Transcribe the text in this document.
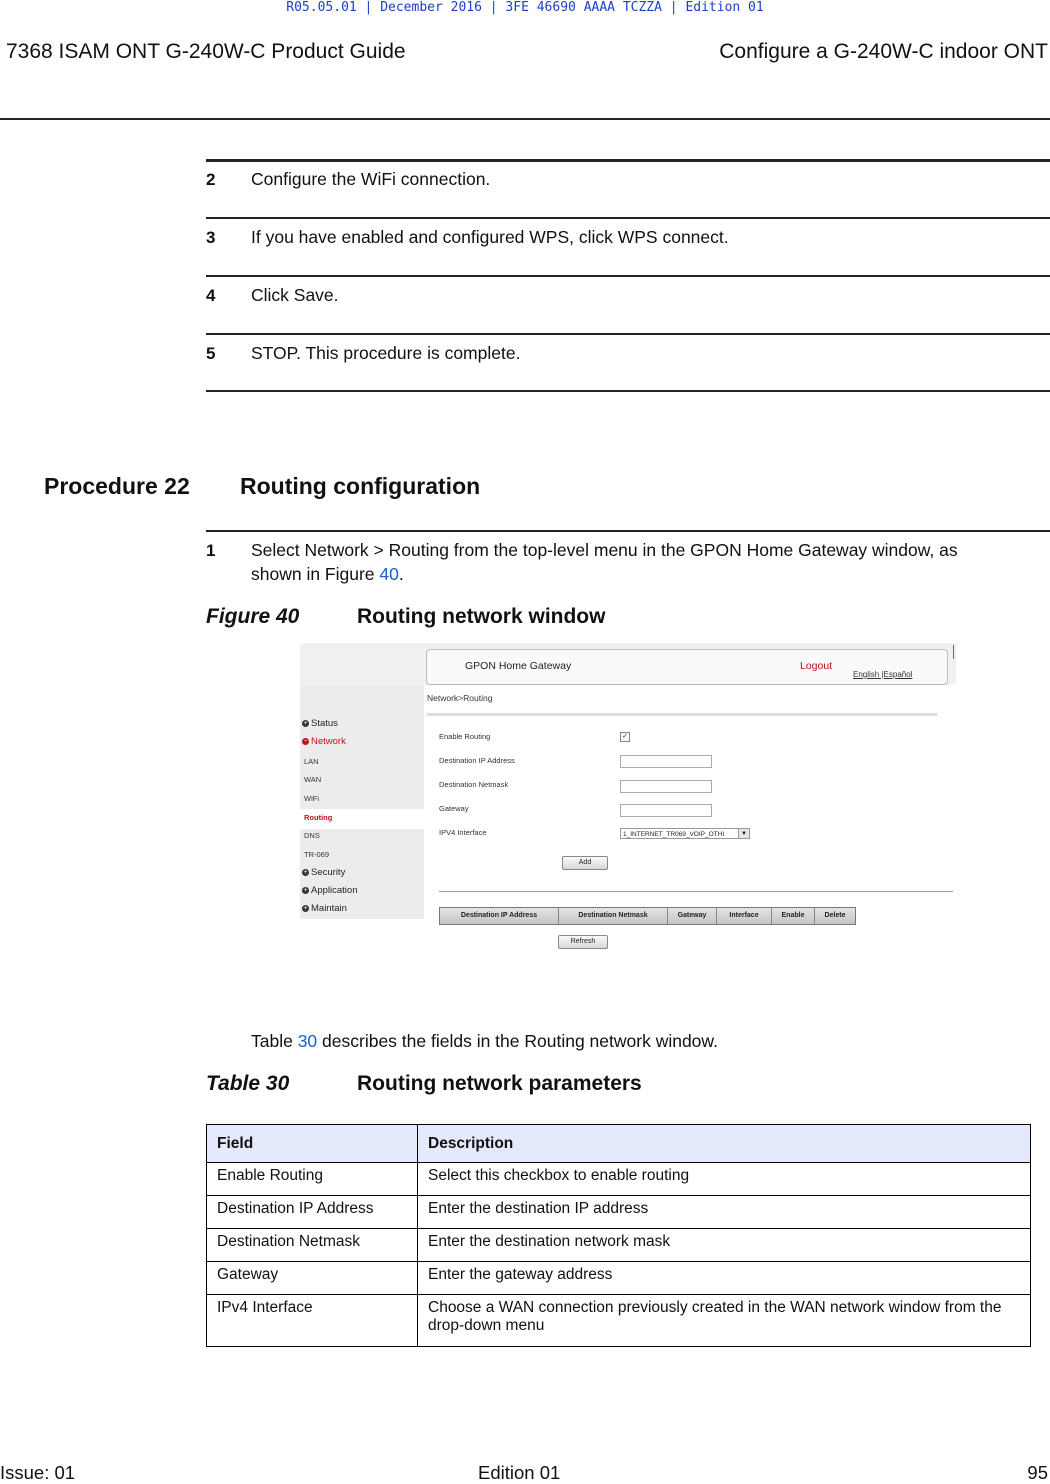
R05.05.01 | December 2016 | 3FE 46690 AAAA TCZZA | Edition 01
7368 ISAM ONT G-240W-C Product Guide	Configure a G-240W-C indoor ONT
2 Configure the WiFi connection.
3 If you have enabled and configured WPS, click WPS connect.
4 Click Save.
5 STOP. This procedure is complete.
Procedure 22 Routing configuration
1 Select Network > Routing from the top-level menu in the GPON Home Gateway window, as
shown in Figure 40.
Figure 40	Routing network window
GPON Home Gateway	Logout
English |Español
+ Status
− Network
LAN
WAN
WiFi
Routing
DNS
TR-069
+ Security
+ Application
+ Maintain
Network>Routing
Enable Routing	✓
Destination IP Address
Destination Netmask
Gateway
IPV4 Interface	1_INTERNET_TR069_VOIP_OTHI	▼
Add
Destination IP Address	Destination Netmask	Gateway	Interface	Enable	Delete
Refresh
Table 30 describes the fields in the Routing network window.
Table 30	Routing network parameters
Field	Description
Enable Routing	Select this checkbox to enable routing
Destination IP Address	Enter the destination IP address
Destination Netmask	Enter the destination network mask
Gateway	Enter the gateway address
IPv4 Interface	Choose a WAN connection previously created in the WAN network window from the drop-down menu
Issue: 01	Edition 01	95
